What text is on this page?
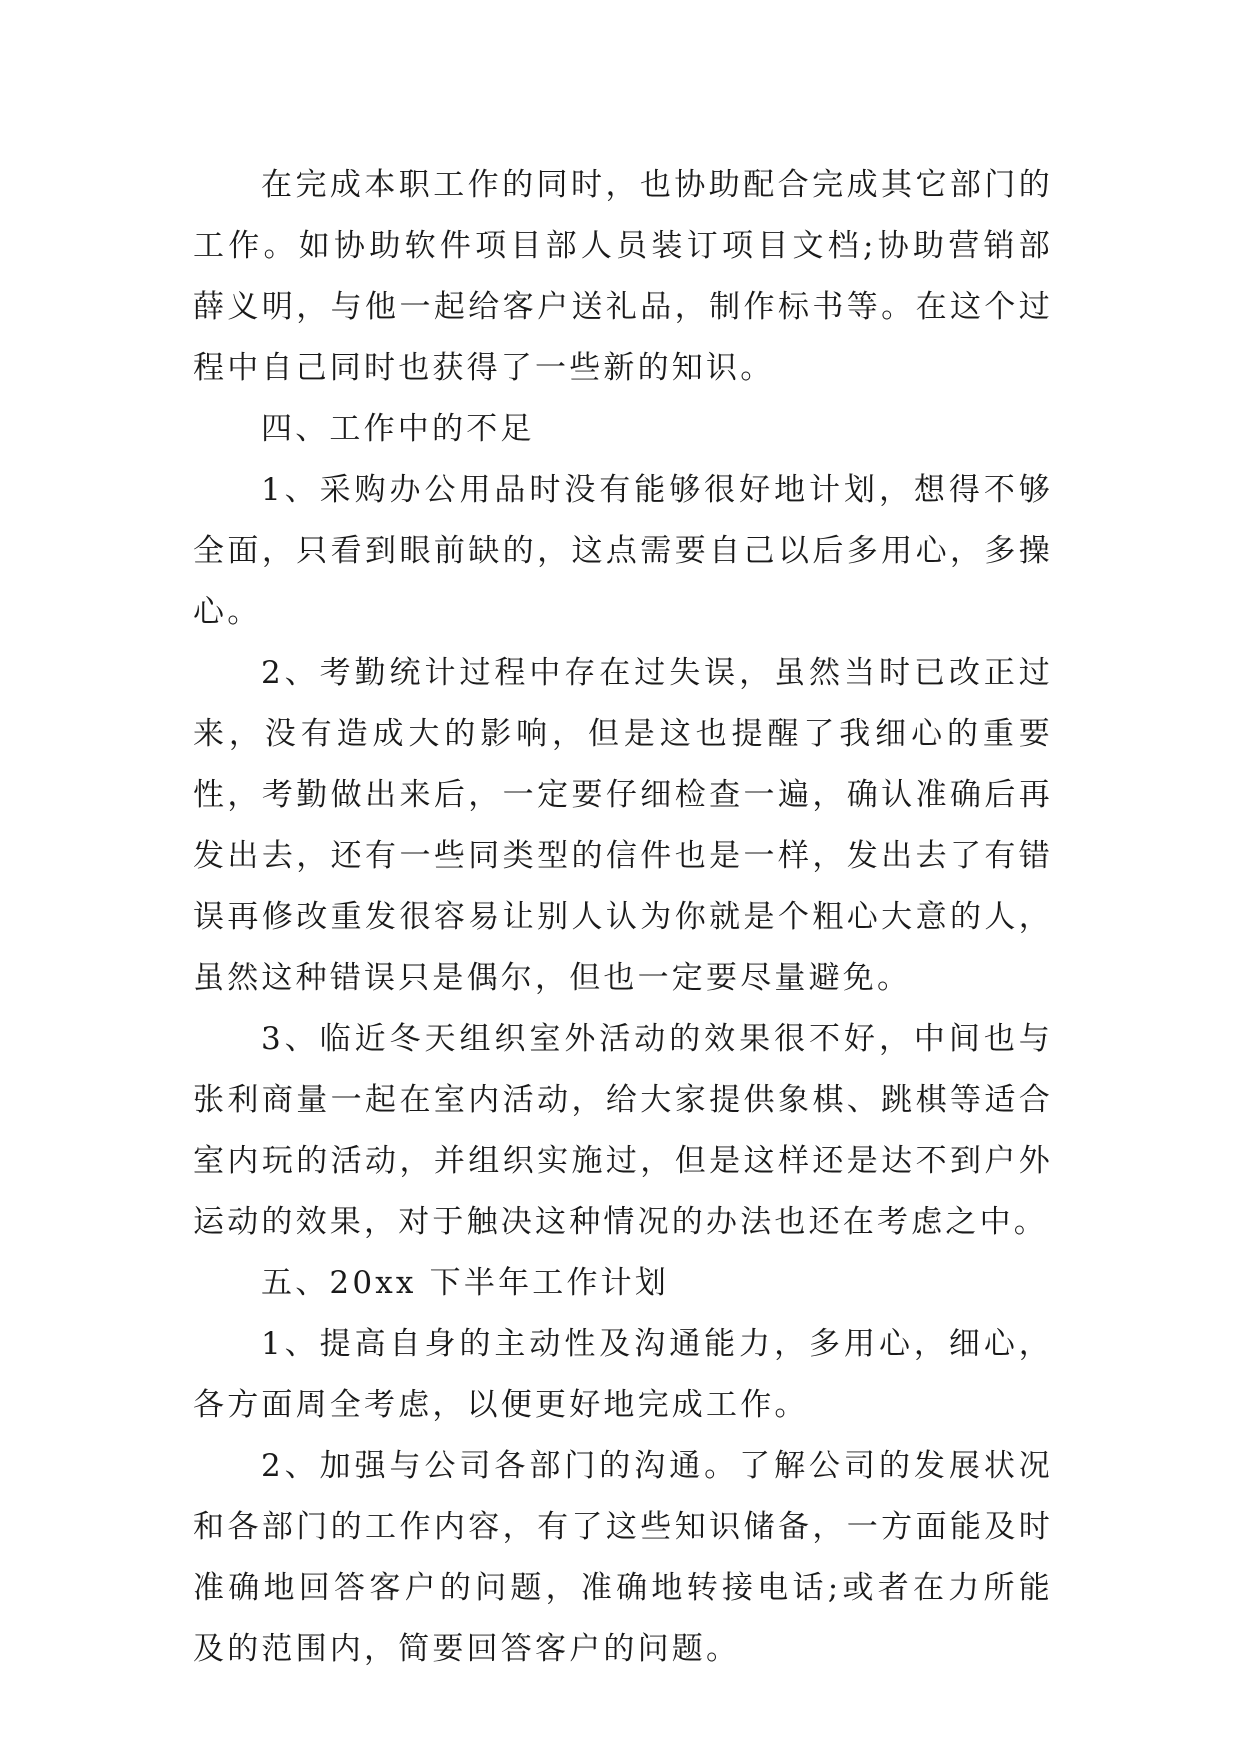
在完成本职工作的同时，也协助配合完成其它部门的工作。如协助软件项目部人员装订项目文档;协助营销部薛义明，与他一起给客户送礼品，制作标书等。在这个过程中自己同时也获得了一些新的知识。

四、工作中的不足

1、采购办公用品时没有能够很好地计划，想得不够全面，只看到眼前缺的，这点需要自己以后多用心，多操心。

2、考勤统计过程中存在过失误，虽然当时已改正过来，没有造成大的影响，但是这也提醒了我细心的重要性，考勤做出来后，一定要仔细检查一遍，确认准确后再发出去，还有一些同类型的信件也是一样，发出去了有错误再修改重发很容易让别人认为你就是个粗心大意的人，虽然这种错误只是偶尔，但也一定要尽量避免。

3、临近冬天组织室外活动的效果很不好，中间也与张利商量一起在室内活动，给大家提供象棋、跳棋等适合室内玩的活动，并组织实施过，但是这样还是达不到户外运动的效果，对于触决这种情况的办法也还在考虑之中。

五、20xx 下半年工作计划

1、提高自身的主动性及沟通能力，多用心，细心，各方面周全考虑，以便更好地完成工作。

2、加强与公司各部门的沟通。了解公司的发展状况和各部门的工作内容，有了这些知识储备，一方面能及时准确地回答客户的问题，准确地转接电话;或者在力所能及的范围内，简要回答客户的问题。
